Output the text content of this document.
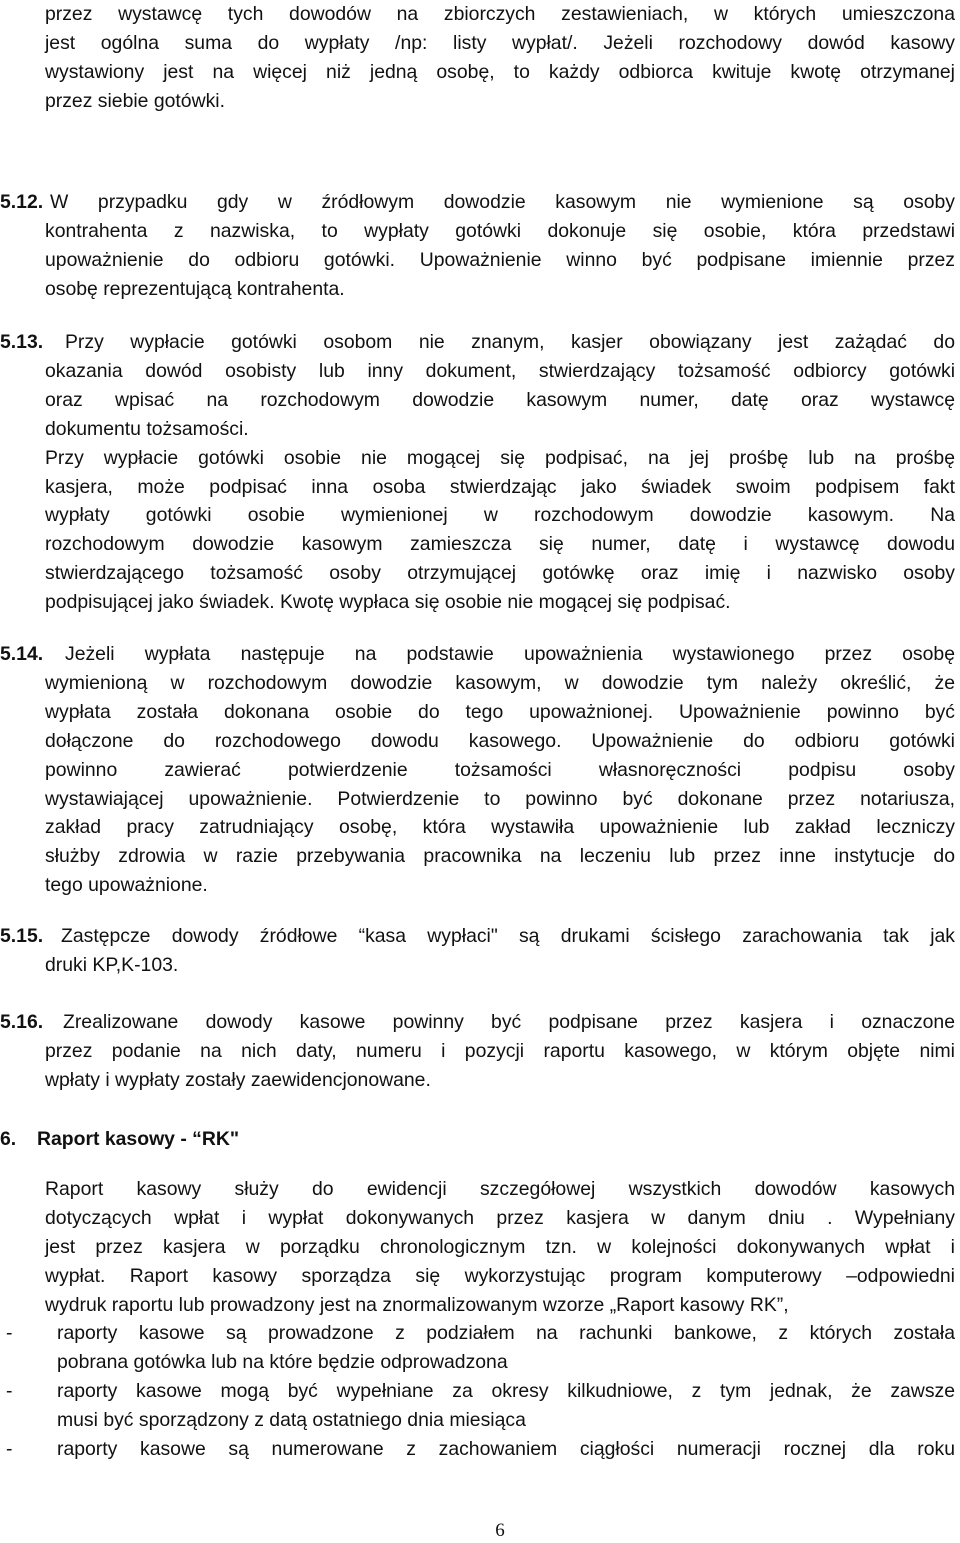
przez wystawcę tych dowodów na zbiorczych zestawieniach, w których umieszczona
jest ogólna suma do wypłaty /np: listy wypłat/. Jeżeli rozchodowy dowód kasowy
wystawiony jest na więcej niż jedną osobę, to każdy odbiorca kwituje kwotę otrzymanej
przez siebie gotówki.
5.12. W przypadku gdy w źródłowym dowodzie kasowym nie wymienione są osoby
kontrahenta z nazwiska, to wypłaty gotówki dokonuje się osobie, która przedstawi
upoważnienie do odbioru gotówki. Upoważnienie winno być podpisane imiennie przez
osobę reprezentującą kontrahenta.
5.13.	Przy wypłacie gotówki osobom nie znanym, kasjer obowiązany jest zażądać do
okazania dowód osobisty lub inny dokument, stwierdzający tożsamość odbiorcy gotówki
oraz wpisać na rozchodowym dowodzie kasowym numer, datę oraz wystawcę
dokumentu tożsamości.
Przy wypłacie gotówki osobie nie mogącej się podpisać, na jej prośbę lub na prośbę
kasjera, może podpisać inna osoba stwierdzając jako świadek swoim podpisem fakt
wypłaty gotówki osobie wymienionej w rozchodowym dowodzie kasowym. Na
rozchodowym dowodzie kasowym zamieszcza się numer, datę i wystawcę dowodu
stwierdzającego tożsamość osoby otrzymującej gotówkę oraz imię i nazwisko osoby
podpisującej jako świadek. Kwotę wypłaca się osobie nie mogącej się podpisać.
5.14.	Jeżeli wypłata następuje na podstawie upoważnienia wystawionego przez osobę
wymienioną w rozchodowym dowodzie kasowym, w dowodzie tym należy określić, że
wypłata została dokonana osobie do tego upoważnionej. Upoważnienie powinno być
dołączone do rozchodowego dowodu kasowego. Upoważnienie do odbioru gotówki
powinno zawierać potwierdzenie tożsamości własnoręczności podpisu osoby
wystawiającej upoważnienie. Potwierdzenie to powinno być dokonane przez notariusza,
zakład pracy zatrudniający osobę, która wystawiła upoważnienie lub zakład leczniczy
służby zdrowia w razie przebywania pracownika na leczeniu lub przez inne instytucje do
tego upoważnione.
5.15. Zastępcze dowody źródłowe “kasa wypłaci" są drukami ścisłego zarachowania tak jak
druki KP,K-103.
5.16.	Zrealizowane dowody kasowe powinny być podpisane przez kasjera i oznaczone
przez podanie na nich daty, numeru i pozycji raportu kasowego, w którym objęte nimi
wpłaty i wypłaty zostały zaewidencjonowane.
6. Raport kasowy - “RK"
Raport kasowy służy do ewidencji szczegółowej wszystkich dowodów kasowych
dotyczących wpłat i wypłat dokonywanych przez kasjera w danym dniu . Wypełniany
jest przez kasjera w porządku chronologicznym tzn. w kolejności dokonywanych wpłat i
wypłat. Raport kasowy sporządza się wykorzystując program komputerowy –odpowiedni
wydruk raportu lub prowadzony jest na znormalizowanym wzorze „Raport kasowy RK”,
- raporty kasowe są prowadzone z podziałem na rachunki bankowe, z których została
pobrana gotówka lub na które będzie odprowadzona
- raporty kasowe mogą być wypełniane za okresy kilkudniowe, z tym jednak, że zawsze
musi być sporządzony z datą ostatniego dnia miesiąca
- raporty kasowe są numerowane z zachowaniem ciągłości numeracji rocznej dla roku
6
